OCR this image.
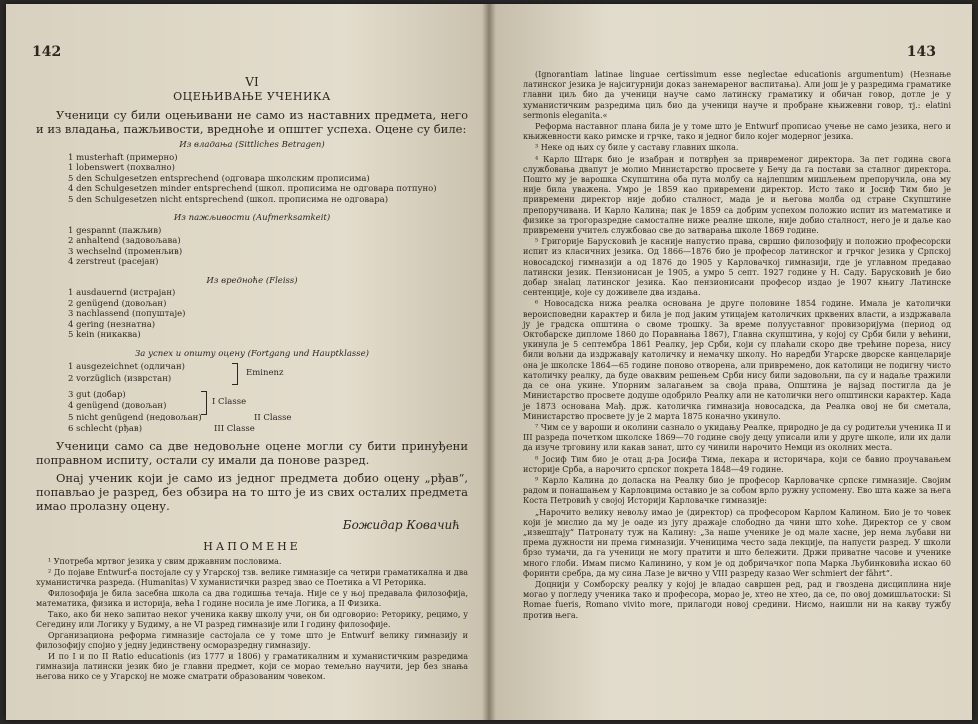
142
VI
ОЦЕЊИВАЊЕ УЧЕНИКА

Ученици су били оцењивани не само из наставних предмета, него и из владања, пажљивости, вредноће и општег успеха. Оцене су биле:

Из владања (Sittliches Betragen)
1 musterhaft (примерно)
1 lobenswert (похвално)
5 den Schulgesetzen entsprechend (одговара школским прописима)
4 den Schulgesetzen minder entsprechend (школ. прописима не одговара потпуно)
5 den Schulgesetzen nicht entsprechend (школ. прописима не одговара)
Из пажљивости (Aufmerksamkeit)
1 gespannt (пажљив)
2 anhaltend (задовољава)
3 wechselnd (променљив)
4 zerstreut (расејан)
Из вредноће (Fleiss)
1 ausdauernd (истрајан)
2 genügend (довољан)
3 nachlassend (попуштаjе)
4 gering (незнатна)
5 kein (никаква)
За успех и општу оцену (Fortgang und Hauptklasse)
1 ausgezeichnet (одличан)
2 vorzüglich (изврстан)
3 gut (добар)
4 genügend (довољан)
5 nicht genügend (недовољан)
6 schlecht (рђав)
Eminenz
I Classe
II Classe
III Classe

Ученици само са две недовољне оцене могли су бити принуђени поправном испиту, остали су имали да понове разред.

Онај ученик који је само из једног предмета добио оцену „рђав“, попављао је разред, без обзира на то што је из свих осталих предмета имао пролазну оцену.

Божидар Ковачић
НАПОМЕНЕ

¹ Употреба мртвог језика у свим државним пословима.

² До појаве Entwurf-а постојале су у Угарској тзв. велике гимназије са четири граматикална и два хуманистичка разреда. (Humanitas) V хуманистички разред звао се Поетика а VI Реторика.

Филозофија је била засебна школа са два годишња течаја. Није се у њој предавала филозофија, математика, физика и историја, већа I године носила је име Логика, а II Физика.

Тако, ако би неко запитао неког ученика какву школу учи, он би одговорио: Реторику, рецимо, у Сегедину или Логику у Будиму, а не VI разред гимназије или I годину филозофије.

Организациона реформа гимназије састојала се у томе што је Entwurf велику гимназију и филозофију спојио у једну јединствену осморазредну гимназију.

И по I и по II Ratio educationis (из 1777 и 1806) у граматикалним и хуманистичким разредима гимназија латински језик био је главни предмет, који се морао темељно научити, јер без знања његова нико се у Угарској не може сматрати образованим човеком.

143

(Ignorantiam latinae linguae certissimum esse neglectae educationis argumentum) (Незнање латинског језика је најсигурнији доказ занемареног васпитања). Али још је у разредима граматике главни циљ био да ученици науче само латинску граматику и обичан говор, дотле је у хуманистичким разредима циљ био да ученици науче и пробране књижевни говор, тј.: elatini sermonis eleganita.«

Реформа наставног плана била је у томе што је Entwurf прописао учење не само језика, него и књижевности како римске и грчке, тако и једног било којег модерног језика.

³ Неке од њих су биле у саставу главних школа.

⁴ Карло Штарк био је изабран и потврђен за привременог директора. За пет година свога службовања двапут је молио Министарство просвете у Бечу да га постави за сталног директора. Пошто му је варошка Скупштина оба пута молбу са најлепшим мишљењем препоручила, она му није била уважена. Умро је 1859 као привремени директор. Исто тако и Јосиф Тим био је привремени директор није добио сталност, мада је и његова молба од стране Скупштине препоручивана. И Карло Калина; пак је 1859 са добрим успехом положио испит из математике и физике за трогоразредне самосталне ниже реалне школе, није добио сталност, него је и даље као привремени учитељ службовао све до затварања школе 1869 године.

⁵ Григорије Барусковић је касније напустио права, свршио филозофију и положио професорски испит из класичних језика. Од 1866—1876 био је професор латинског и грчког језика у Српској новосадској гимназији а од 1876 до 1905 у Карловачкој гимназији, где је углавном предавао латински језик. Пензионисан је 1905, а умро 5 септ. 1927 године у Н. Саду. Барусковић је био добар знаlац латинског језика. Као пензионисани професор издао је 1907 књигу Латинске сентенције, које су доживеле два издања.

⁶ Новосадска нижа реалка основана је друге половине 1854 године. Имала је католички вероисповедни карактер и била је под јаким утицајем католичких црквених власти, а издржавала ју је градска општина о своме трошку. За време полууставног провизоријума (период од Октобарске дипломе 1860 до Поравнања 1867), Главна скупштина, у којој су Срби били у већини, укинула је 5 септембра 1861 Реалку, јер Срби, који су плаћали скоро две трећине пореза, нису били вољни да издржавају католичку и немачку школу. Но наредби Угарске дворске канцеларије она је школске 1864—65 године поново отворена, али привремено, док католици не подигну чисто католичку реалку, да буде оваквим решењем Срби нису били задовољни, па су и надаље тражили да се она укине. Упорним залагањем за своја права, Општина је најзад постигла да је Министарство просвете додуше одобрило Реалку али не католички него општински карактер. Када је 1873 основана Мађ. држ. католичка гимназија новосадска, да Реалка овој не би сметала, Министарство просвете ју је 2 марта 1875 коначно укинуло.

⁷ Чим се у вароши и околини сазнало о укидању Реалке, природно је да су родитељи ученика II и III разреда почетком школске 1869—70 године своју децу уписали или у друге школе, или их дали да изуче трговину или какав занат, што су чинили нарочито Немци из околних места.

⁸ Јосиф Тим био је отац д-ра Јосифа Тима, лекара и историчара, који се бавио проучавањем историје Срба, а нарочито српског покрета 1848—49 године.

⁹ Карло Калина до доласка на Реалку био је професор Карловачке српске гимназије. Својим радом и понашањем у Карловцима оставио је за собом врло ружну успомену. Ево шта каже за њега Коста Петровић у својој Историји Карловачке гимназије:

„Нарочито велику невољу имао је (директор) са професором Карлом Калином. Био је то човек који је мислио да му је оаде из југу дражаје слободно да чини што хоће. Директор се у свом „извештају“ Патронату туж на Калину: „За наше ученике је од мале хасне, јер нема љубави ни према дужности ни према гимназији. Ученицима често зада лекције, па напусти разред. У школи брзо тумачи, да га ученици не могу пратити и што бележити. Држи приватне часове и ученике много глоби. Имам писмо Калинино, у ком је од добричачког попа Марка Љубинковића искао 60 форинти сребра, да му сина Лазе је вично у VIII разреду казао Wer schmiert der fährt“.

Доцнији у Сомборску реалку у којој је владао савршен ред, рад и гвоздена дисциплина није могао у погледу ученика тако и професора, морао је, хтео не хтео, да се, по овој дoмишљатоски: Si Romae fueris, Romano vivito more, прилагоди новој средини. Нисмо, наишли ни на какву тужбу против њега.
